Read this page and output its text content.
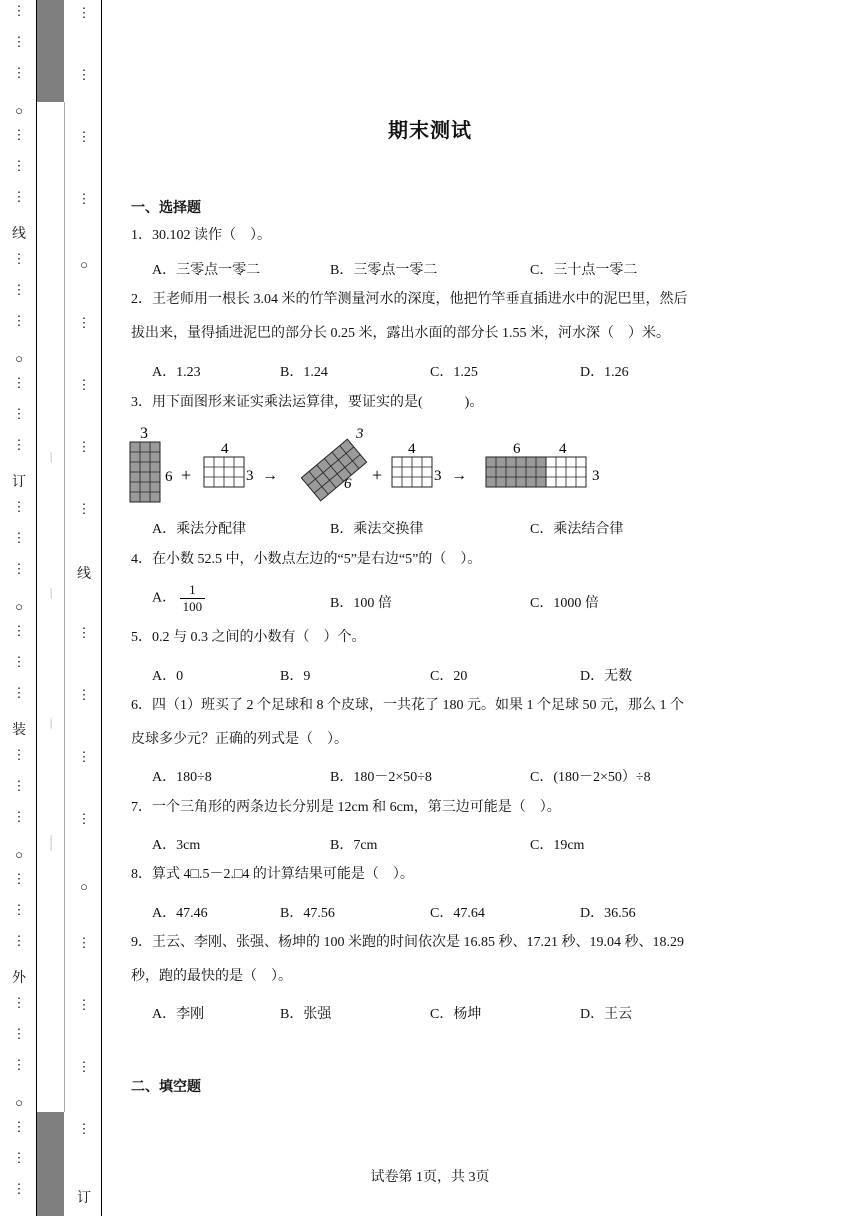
⋮
⋮
⋮
⋮
⋮
⋮
⋮
⋮
⋮
⋮
⋮
⋮
⋮
⋮
⋮
⋮
⋮
⋮
⋮
⋮
⋮
⋮
⋮
⋮
⋮
⋮
⋮
⋮
⋮
⋮
○
线
○
订
○
装
○
外
○
⋮
⋮
⋮
⋮
⋮
⋮
⋮
⋮
⋮
⋮
⋮
⋮
⋮
⋮
⋮
⋮
○
线
○
订
┄┄
┄┄
┄┄
┄┄┄
期末测试
一、选择题
1．30.102 读作（　）。
A．三零点一零二	B．三零点一零二	C．三十点一零二
2．王老师用一根长 3.04 米的竹竿测量河水的深度，他把竹竿垂直插进水中的泥巴里，然后
拔出来，量得插进泥巴的部分长 0.25 米，露出水面的部分长 1.55 米，河水深（　）米。
A．1.23	B．1.24	C．1.25	D．1.26
3．用下面图形来证实乘法运算律，要证实的是(　　　)。
3
6 +
4
3 →
3
6 +
4
3 →
6	4
3
A．乘法分配律	B．乘法交换律	C．乘法结合律
4．在小数 52.5 中，小数点左边的“5”是右边“5”的（　）。
A． $\frac{1}{100}$	B．100 倍	C．1000 倍
5．0.2 与 0.3 之间的小数有（　）个。
A．0	B．9	C．20	D．无数
6．四（1）班买了 2 个足球和 8 个皮球，一共花了 180 元。如果 1 个足球 50 元，那么 1 个
皮球多少元？正确的列式是（　）。
A．180÷8	B．180－2×50÷8	C．(180－2×50）÷8
7．一个三角形的两条边长分别是 12cm 和 6cm，第三边可能是（　）。
A．3cm	B．7cm	C．19cm
8．算式 4□.5－2.□4 的计算结果可能是（　）。
A．47.46	B．47.56	C．47.64	D．36.56
9．王云、李刚、张强、杨坤的 100 米跑的时间依次是 16.85 秒、17.21 秒、19.04 秒、18.29
秒，跑的最快的是（　）。
A．李刚	B．张强	C．杨坤	D．王云
二、填空题
试卷第 1页，共 3页
